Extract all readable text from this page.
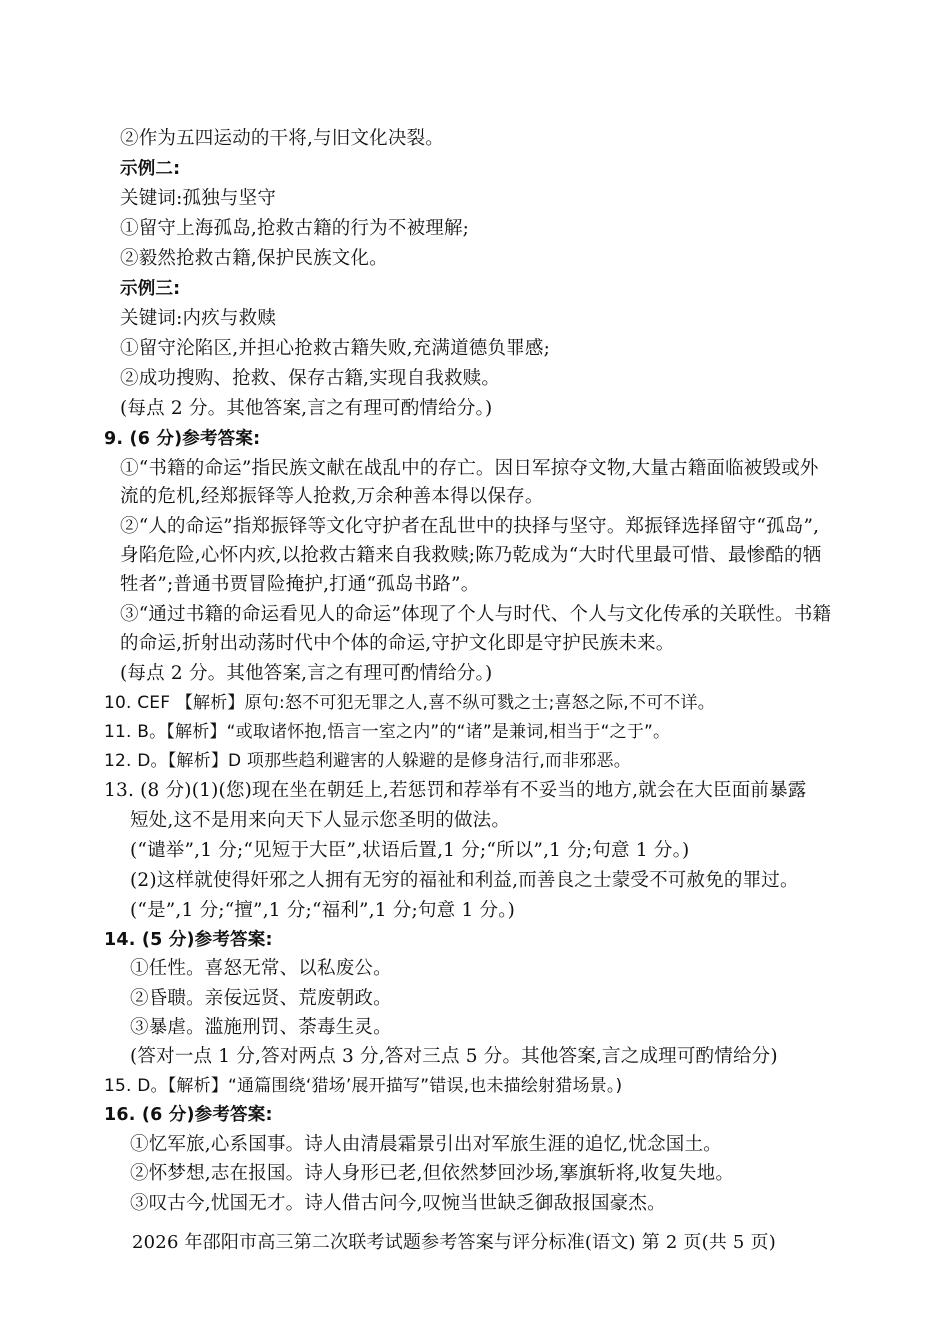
②作为五四运动的干将,与旧文化决裂。
示例二:
关键词:孤独与坚守
①留守上海孤岛,抢救古籍的行为不被理解;
②毅然抢救古籍,保护民族文化。
示例三:
关键词:内疚与救赎
①留守沦陷区,并担心抢救古籍失败,充满道德负罪感;
②成功搜购、抢救、保存古籍,实现自我救赎。
(每点 2 分。其他答案,言之有理可酌情给分。)
9. (6 分)参考答案:
①“书籍的命运”指民族文献在战乱中的存亡。因日军掠夺文物,大量古籍面临被毁或外
流的危机,经郑振铎等人抢救,万余种善本得以保存。
②“人的命运”指郑振铎等文化守护者在乱世中的抉择与坚守。郑振铎选择留守“孤岛”,
身陷危险,心怀内疚,以抢救古籍来自我救赎;陈乃乾成为“大时代里最可惜、最惨酷的牺
牲者”;普通书贾冒险掩护,打通“孤岛书路”。
③“通过书籍的命运看见人的命运”体现了个人与时代、个人与文化传承的关联性。书籍
的命运,折射出动荡时代中个体的命运,守护文化即是守护民族未来。
(每点 2 分。其他答案,言之有理可酌情给分。)
10. CEF 【解析】原句:怒不可犯无罪之人,喜不纵可戮之士;喜怒之际,不可不详。
11. B。【解析】“或取诸怀抱,悟言一室之内”的“诸”是兼词,相当于“之于”。
12. D。【解析】D 项那些趋利避害的人躲避的是修身洁行,而非邪恶。
13. (8 分)(1)(您)现在坐在朝廷上,若惩罚和荐举有不妥当的地方,就会在大臣面前暴露
短处,这不是用来向天下人显示您圣明的做法。
(“谴举”,1 分;“见短于大臣”,状语后置,1 分;“所以”,1 分;句意 1 分。)
(2)这样就使得奸邪之人拥有无穷的福祉和利益,而善良之士蒙受不可赦免的罪过。
(“是”,1 分;“擅”,1 分;“福利”,1 分;句意 1 分。)
14. (5 分)参考答案:
①任性。喜怒无常、以私废公。
②昏聩。亲佞远贤、荒废朝政。
③暴虐。滥施刑罚、荼毒生灵。
(答对一点 1 分,答对两点 3 分,答对三点 5 分。其他答案,言之成理可酌情给分)
15. D。【解析】“通篇围绕‘猎场’展开描写”错误,也未描绘射猎场景。)
16. (6 分)参考答案:
①忆军旅,心系国事。诗人由清晨霜景引出对军旅生涯的追忆,忧念国土。
②怀梦想,志在报国。诗人身形已老,但依然梦回沙场,搴旗斩将,收复失地。
③叹古今,忧国无才。诗人借古问今,叹惋当世缺乏御敌报国豪杰。
2026 年邵阳市高三第二次联考试题参考答案与评分标准(语文) 第 2 页(共 5 页)
